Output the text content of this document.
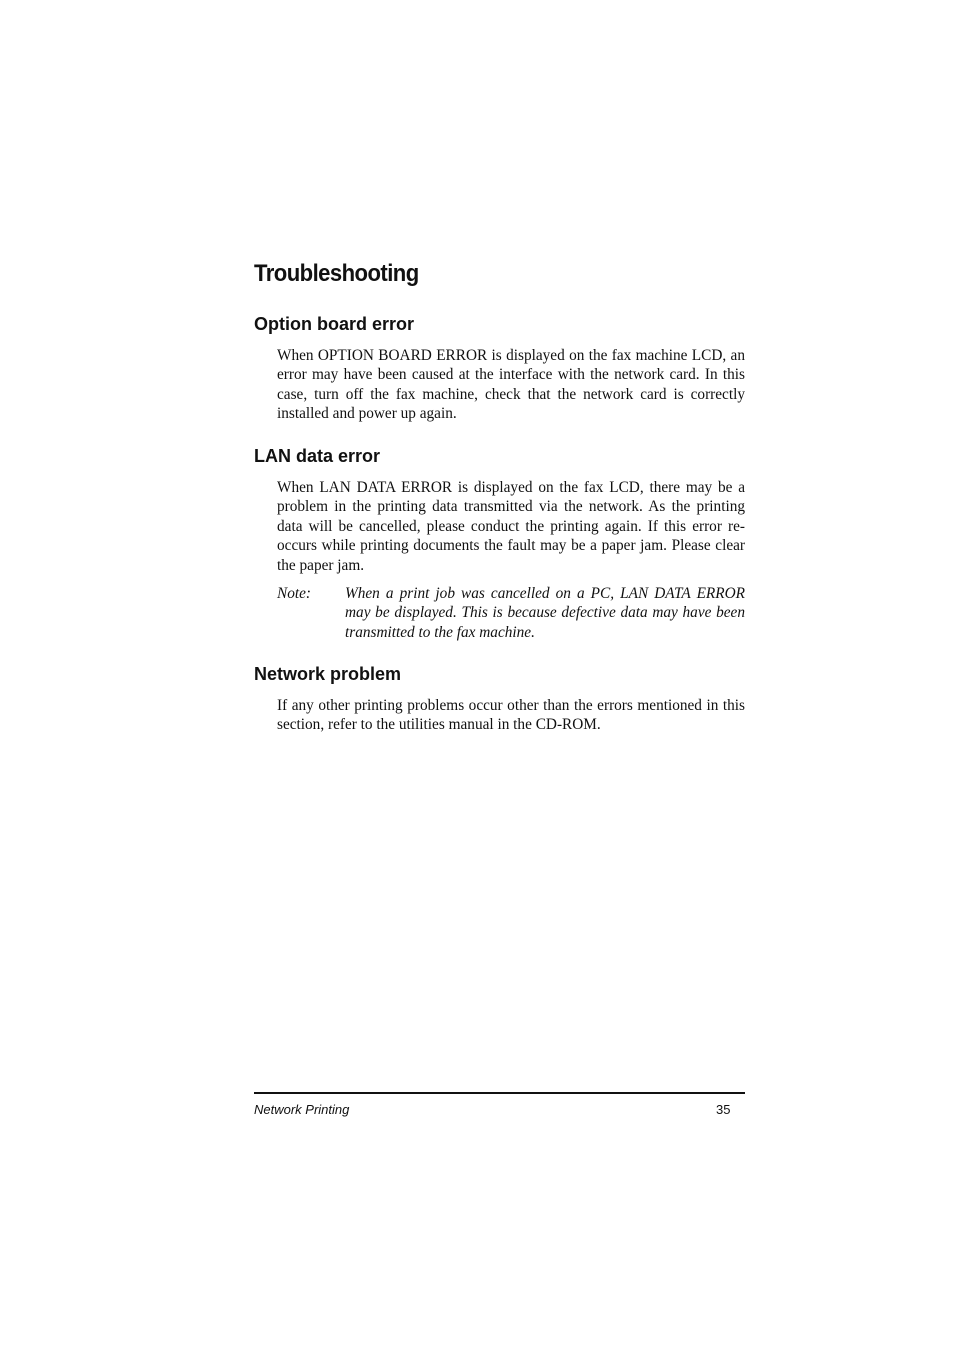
Troubleshooting
Option board error

When OPTION BOARD ERROR is displayed on the fax machine LCD, an error may have been caused at the interface with the network card. In this case, turn off the fax machine, check that the network card is correctly installed and power up again.

LAN data error

When LAN DATA ERROR is displayed on the fax LCD, there may be a problem in the printing data transmitted via the network. As the printing data will be cancelled, please conduct the printing again. If this error re-occurs while printing documents the fault may be a paper jam. Please clear the paper jam.

Note: When a print job was cancelled on a PC, LAN DATA ERROR may be displayed. This is because defective data may have been transmitted to the fax machine.
Network problem

If any other printing problems occur other than the errors mentioned in this section, refer to the utilities manual in the CD-ROM.

Network Printing	35
